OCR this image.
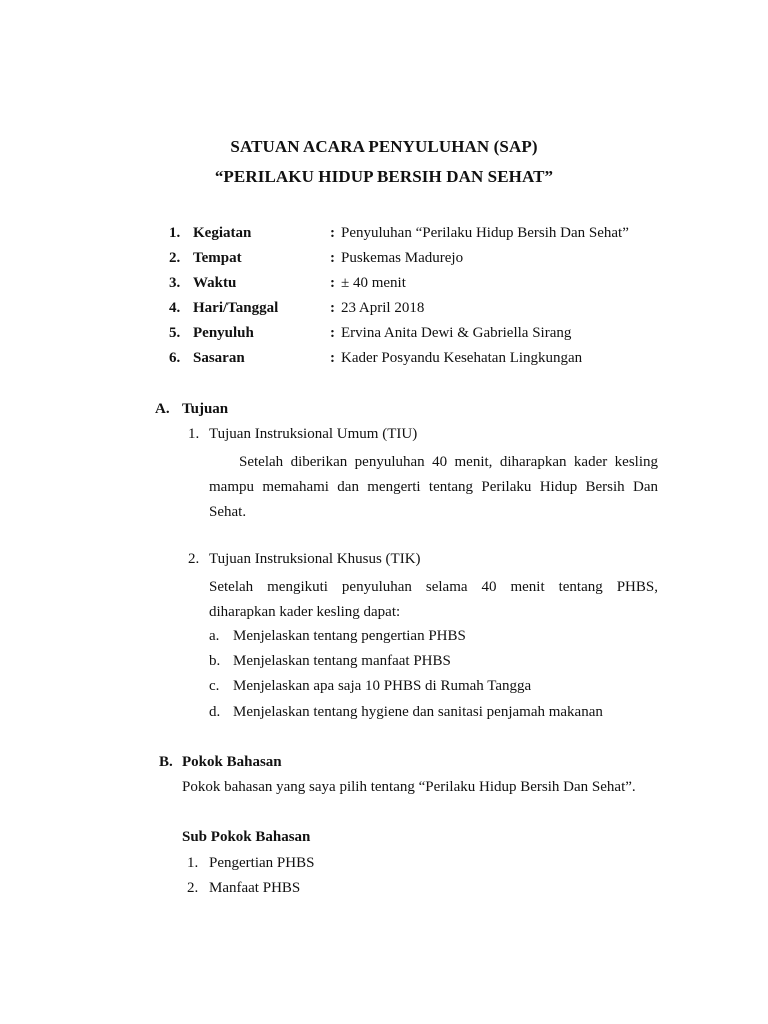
SATUAN ACARA PENYULUHAN (SAP)
“PERILAKU HIDUP BERSIH DAN SEHAT”
1. Kegiatan	: Penyuluhan “Perilaku Hidup Bersih Dan Sehat”
2. Tempat	: Puskemas Madurejo
3. Waktu	: ± 40 menit
4. Hari/Tanggal	: 23 April 2018
5. Penyuluh	: Ervina Anita Dewi & Gabriella Sirang
6. Sasaran	: Kader Posyandu Kesehatan Lingkungan
A. Tujuan
1. Tujuan Instruksional Umum (TIU)
Setelah diberikan penyuluhan 40 menit, diharapkan kader kesling
mampu memahami dan mengerti tentang Perilaku Hidup Bersih Dan
Sehat.
2. Tujuan Instruksional Khusus (TIK)
Setelah mengikuti penyuluhan selama 40 menit tentang PHBS,
diharapkan kader kesling dapat:
a. Menjelaskan tentang pengertian PHBS
b. Menjelaskan tentang manfaat PHBS
c. Menjelaskan apa saja 10 PHBS di Rumah Tangga
d. Menjelaskan tentang hygiene dan sanitasi penjamah makanan
B. Pokok Bahasan
Pokok bahasan yang saya pilih tentang “Perilaku Hidup Bersih Dan Sehat”.
Sub Pokok Bahasan
1. Pengertian PHBS
2. Manfaat PHBS
